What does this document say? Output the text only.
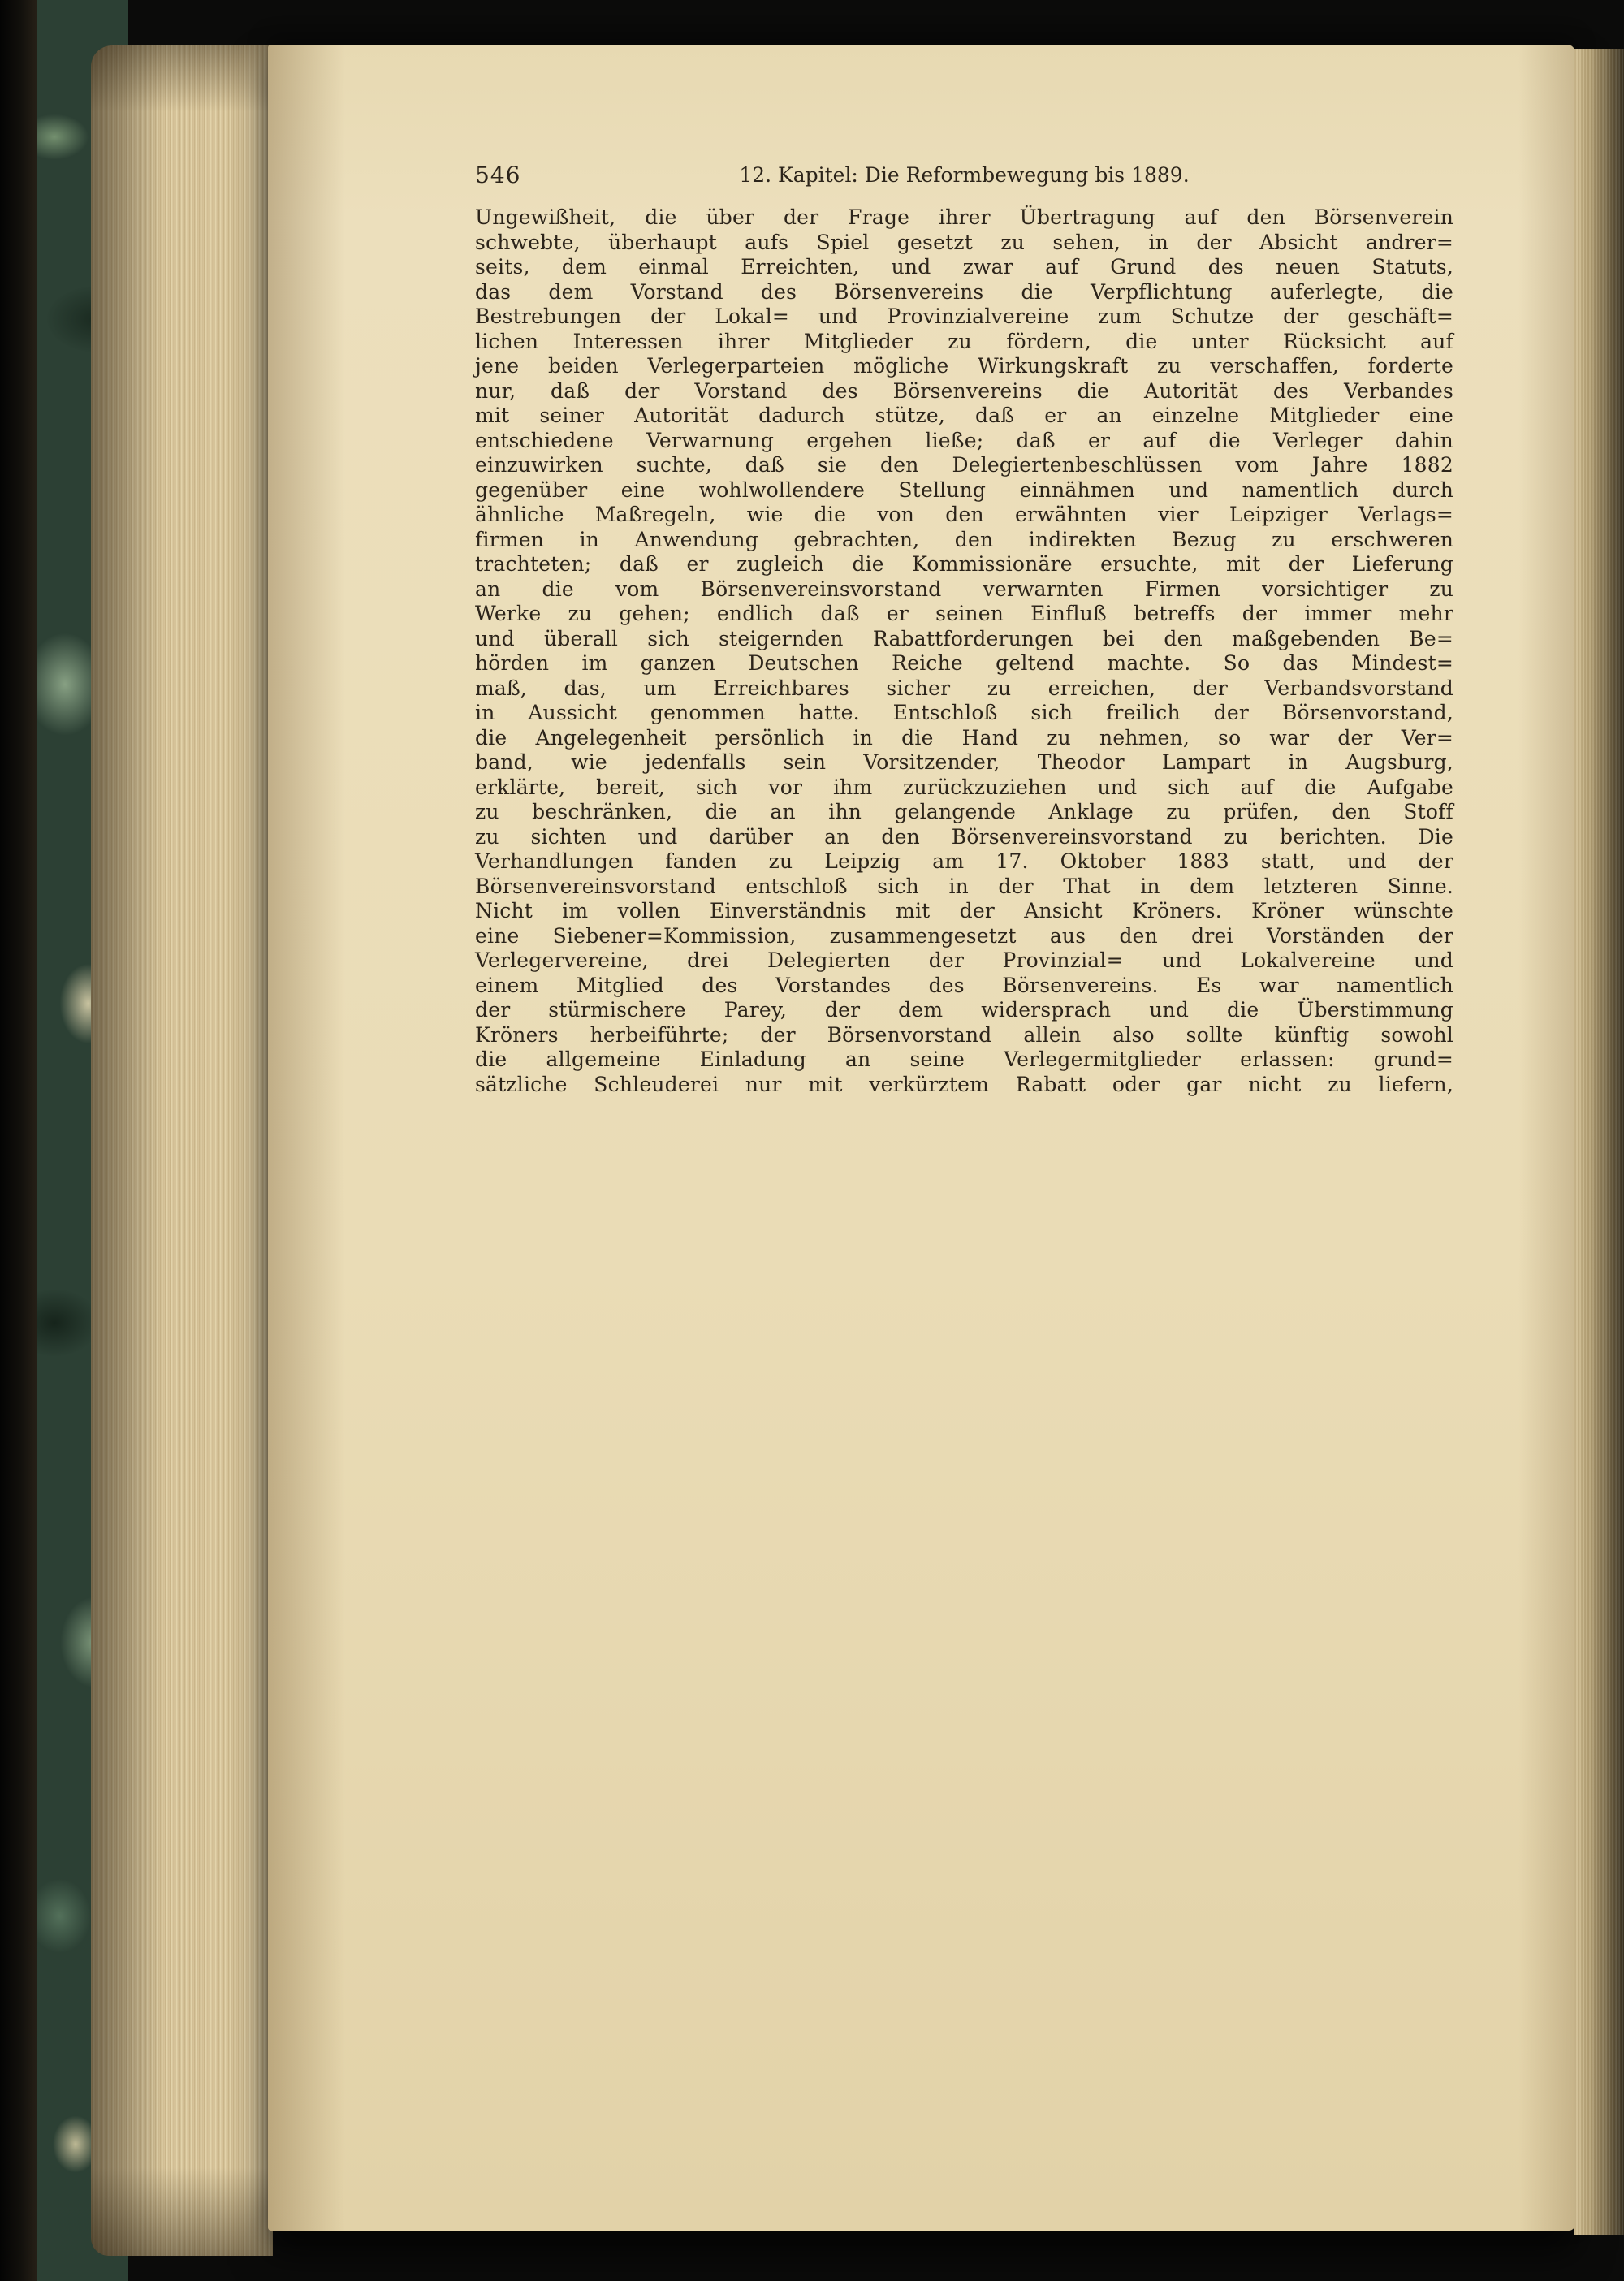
546	12. Kapitel: Die Reformbewegung bis 1889.
Ungewißheit, die über der Frage ihrer Übertragung auf den Börsenverein
schwebte, überhaupt aufs Spiel gesetzt zu sehen, in der Absicht andrer=
seits, dem einmal Erreichten, und zwar auf Grund des neuen Statuts,
das dem Vorstand des Börsenvereins die Verpflichtung auferlegte, die
Bestrebungen der Lokal= und Provinzialvereine zum Schutze der geschäft=
lichen Interessen ihrer Mitglieder zu fördern, die unter Rücksicht auf
jene beiden Verlegerparteien mögliche Wirkungskraft zu verschaffen, forderte
nur, daß der Vorstand des Börsenvereins die Autorität des Verbandes
mit seiner Autorität dadurch stütze, daß er an einzelne Mitglieder eine
entschiedene Verwarnung ergehen ließe; daß er auf die Verleger dahin
einzuwirken suchte, daß sie den Delegiertenbeschlüssen vom Jahre 1882
gegenüber eine wohlwollendere Stellung einnähmen und namentlich durch
ähnliche Maßregeln, wie die von den erwähnten vier Leipziger Verlags=
firmen in Anwendung gebrachten, den indirekten Bezug zu erschweren
trachteten; daß er zugleich die Kommissionäre ersuchte, mit der Lieferung
an die vom Börsenvereinsvorstand verwarnten Firmen vorsichtiger zu
Werke zu gehen; endlich daß er seinen Einfluß betreffs der immer mehr
und überall sich steigernden Rabattforderungen bei den maßgebenden Be=
hörden im ganzen Deutschen Reiche geltend machte. So das Mindest=
maß, das, um Erreichbares sicher zu erreichen, der Verbandsvorstand
in Aussicht genommen hatte. Entschloß sich freilich der Börsenvorstand,
die Angelegenheit persönlich in die Hand zu nehmen, so war der Ver=
band, wie jedenfalls sein Vorsitzender, Theodor Lampart in Augsburg,
erklärte, bereit, sich vor ihm zurückzuziehen und sich auf die Aufgabe
zu beschränken, die an ihn gelangende Anklage zu prüfen, den Stoff
zu sichten und darüber an den Börsenvereinsvorstand zu berichten. Die
Verhandlungen fanden zu Leipzig am 17. Oktober 1883 statt, und der
Börsenvereinsvorstand entschloß sich in der That in dem letzteren Sinne.
Nicht im vollen Einverständnis mit der Ansicht Kröners. Kröner wünschte
eine Siebener=Kommission, zusammengesetzt aus den drei Vorständen der
Verlegervereine, drei Delegierten der Provinzial= und Lokalvereine und
einem Mitglied des Vorstandes des Börsenvereins. Es war namentlich
der stürmischere Parey, der dem widersprach und die Überstimmung
Kröners herbeiführte; der Börsenvorstand allein also sollte künftig sowohl
die allgemeine Einladung an seine Verlegermitglieder erlassen: grund=
sätzliche Schleuderei nur mit verkürztem Rabatt oder gar nicht zu liefern,
